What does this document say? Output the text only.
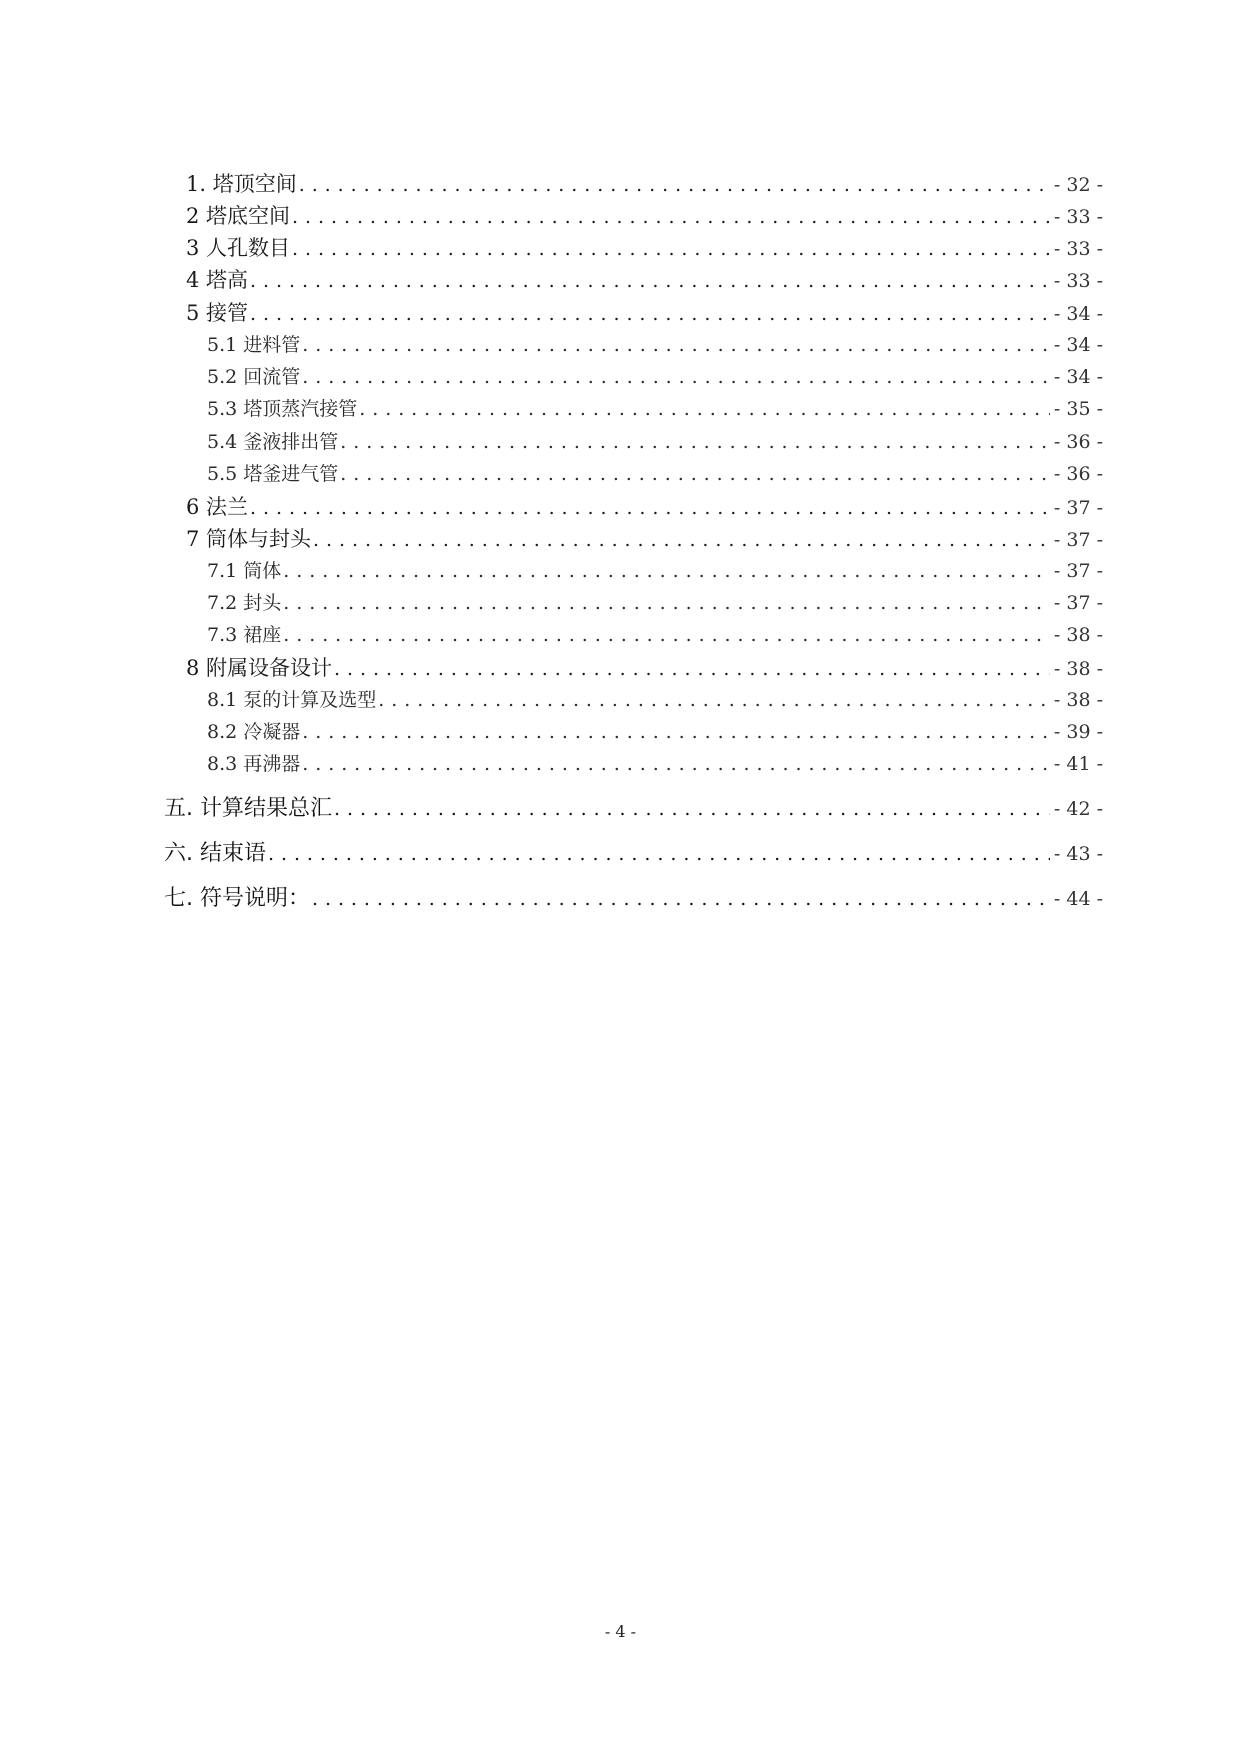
1. 塔顶空间 . . .	- 32 -
2 塔底空间 . . .	- 33 -
3 人孔数目 . . .	- 33 -
4 塔高 . . .	- 33 -
5 接管 . . .	- 34 -
5.1 进料管 . . .	- 34 -
5.2 回流管 . . .	- 34 -
5.3 塔顶蒸汽接管 . . .	- 35 -
5.4 釜液排出管 . . .	- 36 -
5.5 塔釜进气管 . . .	- 36 -
6 法兰 . . .	- 37 -
7 筒体与封头 . . .	- 37 -
7.1 筒体 . . .	- 37 -
7.2 封头 . . .	- 37 -
7.3 裙座 . . .	- 38 -
8 附属设备设计 . . .	- 38 -
8.1 泵的计算及选型 . . .	- 38 -
8.2 冷凝器 . . .	- 39 -
8.3 再沸器 . . .	- 41 -
五. 计算结果总汇 . . .	- 42 -
六. 结束语 . . .	- 43 -
七. 符号说明： . . .	- 44 -
- 4 -
